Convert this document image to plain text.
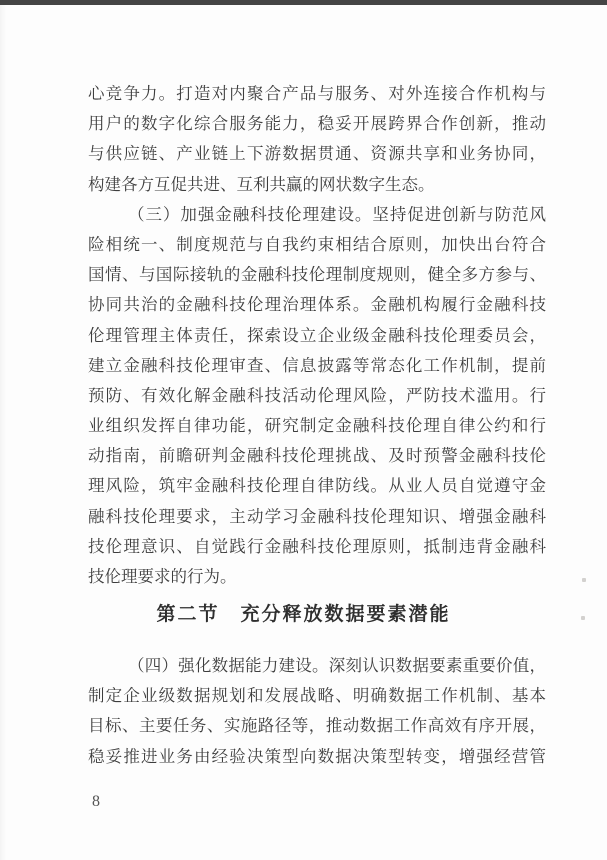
心竞争力。打造对内聚合产品与服务、对外连接合作机构与
用户的数字化综合服务能力，稳妥开展跨界合作创新，推动
与供应链、产业链上下游数据贯通、资源共享和业务协同，
构建各方互促共进、互利共赢的网状数字生态。
（三）加强金融科技伦理建设。坚持促进创新与防范风
险相统一、制度规范与自我约束相结合原则，加快出台符合
国情、与国际接轨的金融科技伦理制度规则，健全多方参与、
协同共治的金融科技伦理治理体系。金融机构履行金融科技
伦理管理主体责任，探索设立企业级金融科技伦理委员会，
建立金融科技伦理审查、信息披露等常态化工作机制，提前
预防、有效化解金融科技活动伦理风险，严防技术滥用。行
业组织发挥自律功能，研究制定金融科技伦理自律公约和行
动指南，前瞻研判金融科技伦理挑战、及时预警金融科技伦
理风险，筑牢金融科技伦理自律防线。从业人员自觉遵守金
融科技伦理要求，主动学习金融科技伦理知识、增强金融科
技伦理意识、自觉践行金融科技伦理原则，抵制违背金融科
技伦理要求的行为。
第二节　充分释放数据要素潜能
（四）强化数据能力建设。深刻认识数据要素重要价值，
制定企业级数据规划和发展战略、明确数据工作机制、基本
目标、主要任务、实施路径等，推动数据工作高效有序开展，
稳妥推进业务由经验决策型向数据决策型转变，增强经营管
8
